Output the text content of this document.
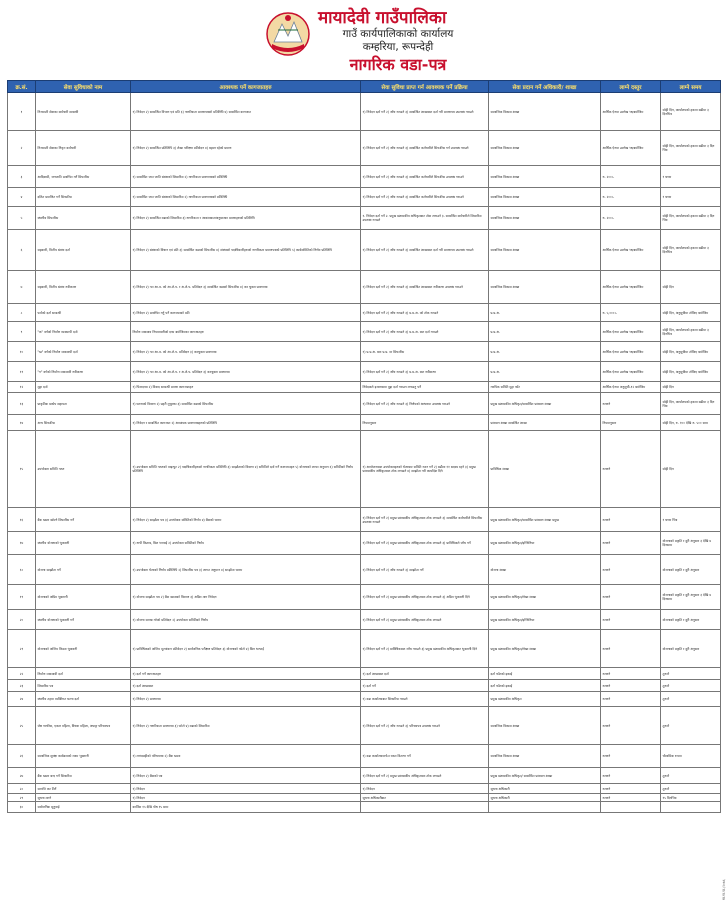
मायादेवी गाउँपालिका
गाउँ कार्यपालिकाको कार्यालय
कम्हरिया, रूपन्देही
नागरिक वडा-पत्र
क्र.सं.	सेवा सुविधाको नाम	आवश्यक पर्ने कागजातहरु	सेवा सुविधा प्राप्त गर्न आवश्यक पर्ने प्रक्रिया	सेवा प्रदान गर्ने अधिकारी/ शाखा	लाग्ने दस्तुर	लाग्ने समय
१	निजामती सेवाका कर्मचारी सम्बन्धी	१) निवेदन २) सम्बन्धित विभाग एवं प्रति ३) नागरिकता प्रमाणपत्रको प्रतिलिपि ४) सम्बन्धित कागजात	१) निवेदन दर्ता गर्ने २) जाँच गराउने ३) सम्बन्धित शाखाबाट दर्ता गरी प्रमाणपत्र उपलब्ध गराउने	सामाजिक विकास शाखा	आर्थिक ऐनमा उल्लेख भएबमोजिम	सोही दिन, कार्यालयको हकमा बढीमा ३ दिनभित्र
२	निजामती सेवाका निवृत्त कर्मचारी	१) निवेदन २) सम्बन्धित प्रतिलिपि ३) लेखा परीक्षण प्रतिवेदन ४) बहाल रहेको प्रमाण	१) निवेदन दर्ता गर्ने २) जाँच गराउने ३) सम्बन्धित कर्मचारीले सिफारिस गर्न उपलब्ध गराउने	सामाजिक विकास शाखा	आर्थिक ऐनमा उल्लेख भएबमोजिम	सोही दिन, कार्यालयको हकमा बढीमा ३ दिन भित्र
३	आदिवासी, जनजाति प्रमाणित गर्ने सिफारिस	१) सम्बन्धित जात जाति संस्थाको सिफारिस २) नागरिकता प्रमाणपत्रको प्रतिलिपि	१) निवेदन दर्ता गर्ने २) जाँच गराउने ३) सम्बन्धित कर्मचारीले सिफारिस उपलब्ध गराउने	सामाजिक विकास शाखा	रु. २००।-	१ घण्टा
४	दलित प्रमाणित गर्ने सिफारिस	१) सम्बन्धित जात जाति संस्थाको सिफारिस २) नागरिकता प्रमाणपत्रको प्रतिलिपि	१) निवेदन दर्ता गर्ने २) जाँच गराउने ३) सम्बन्धित कर्मचारीले सिफारिस उपलब्ध गराउने	सामाजिक विकास शाखा	रु. २००।-	१ घण्टा
५	स्थानीय सिफारिस	१) निवेदन २) सम्बन्धित वडाको सिफारिस ३) नागरिकता र आवश्यकताअनुसारका प्रमाणहरुको प्रतिलिपि	१. निवेदन दर्ता गर्ने २. प्रमुख प्रशासकीय अधिकृतबाट तोक लगाउने ३. सम्बन्धित कर्मचारीले सिफारिस उपलब्ध गराउने	सामाजिक विकास शाखा	रु. २००।-	सोही दिन, कार्यालयको हकमा बढीमा ३ दिन भित्र
६	सहकारी, वित्तीय संस्था दर्ता	१) निवेदन २) संस्थाको विधान एवं प्रति ३) सम्बन्धित वडाको सिफारिस ४) संस्थाको पदाधिकारीहरुको नागरिकता प्रमाणपत्रको प्रतिलिपि ५) कार्यसमितिको निर्णय प्रतिलिपि	१) निवेदन दर्ता गर्ने २) जाँच गराउने ३) सम्बन्धित शाखाबाट दर्ता गरी प्रमाणपत्र उपलब्ध गराउने	सामाजिक विकास शाखा	आर्थिक ऐनमा उल्लेख भएबमोजिम	सोही दिन, कार्यालयको हकमा बढीमा ३ दिनभित्र
७	सहकारी, वित्तीय संस्था नवीकरण	१) निवेदन २) गत आ.व. को आ.ले.प. र अ.ले.प. प्रतिवेदन ३) सम्बन्धित वडाको सिफारिस ४) कर चुक्ता प्रमाणपत्र	१) निवेदन दर्ता गर्ने २) जाँच गराउने ३) सम्बन्धित शाखाबाट नवीकरण उपलब्ध गराउने	सामाजिक विकास शाखा	आर्थिक ऐनमा उल्लेख भएबमोजिम	सोही दिन
८	फर्मको दर्ता सम्बन्धी	१) निवेदन २) प्रमाणित गर्नु पर्ने कागजातको प्रति	१) निवेदन दर्ता गर्ने २) जाँच गराउने ३) प्र.प्र.अ. को तोक गराउने	प्र.प्र.अ.	रु. ५,०००।-	सोही दिन, अनुसूचीमा तोकिए बमोजिम
९	"क" वर्गको निर्माण व्यवसायी दर्ता	निर्माण व्यवसाय नियमावलीको दफा बमोजिमका कागजातहरु	१) निवेदन दर्ता गर्ने २) जाँच गराउने ३) प्र.प्र.अ. बाट दर्ता गराउने	प्र.प्र.अ.	आर्थिक ऐनमा उल्लेख भएबमोजिम	सोही दिन, कार्यालयको हकमा बढीमा ३ दिनभित्र
१०	"ख" वर्गको निर्माण व्यवसायी दर्ता	१) निवेदन २) गत आ.व. को आ.ले.प. प्रतिवेदन ३) करचुक्ता प्रमाणपत्र	१) प्र.प्र.अ. बाट प्र.प्र. मा सिफारिस	प्र.प्र.अ.	आर्थिक ऐनमा उल्लेख भएबमोजिम	सोही दिन, अनुसूचीमा तोकिए बमोजिम
११	"ग" वर्गको निर्माण व्यवसायी नवीकरण	१) निवेदन २) गत आ.व. को आ.ले.प. र अ.ले.प. प्रतिवेदन ३) करचुक्ता प्रमाणपत्र	१) निवेदन दर्ता गर्ने २) जाँच गराउने ३) प्र.प्र.अ. बाट नवीकरण	प्र.प्र.अ.	आर्थिक ऐनमा उल्लेख भएबमोजिम	सोही दिन, अनुसूचीमा तोकिए बमोजिम
१२	मुद्दा दर्ता	१) फिरादपत्र २) विवाद सम्बन्धी प्रमाण कागजातहरु	निवेदकले इजलासमा मुद्दा दर्ता गराउन लगाउनु पर्ने	न्यायिक समिति मुद्दा फाँट	आर्थिक ऐनमा अनुसूची-१२ बमोजिम	सोही दिन
१३	प्राकृतिक प्रकोप सहायता	१) घटनाको विवरण २) प्रहरी मुचुल्का ३) सम्बन्धित वडाको सिफारिस	१) निवेदन दर्ता गर्ने २) जाँच गराउने ३) निर्णयको आधारमा उपलब्ध गराउने	प्रमुख प्रशासकीय अधिकृत/सम्बन्धित प्रशासन शाखा	नलाग्ने	सोही दिन, कार्यालयको हकमा बढीमा ३ दिन भित्र
१४	अन्य सिफारिस	१) निवेदन र सम्बन्धित कागजात २) आवश्यक प्रमाणपत्रहरुको प्रतिलिपि	नियमानुसार	प्रशासन शाखा सम्बन्धित शाखा	नियमानुसार	सोही दिन, रु. १०० देखि रु. ५०० सम्म
१५	उपभोक्ता समिति गठन	१) उपभोक्ता समिति गठनको माइन्युट २) पदाधिकारीहरुको नागरिकता प्रतिलिपि ३) सम्झौताको विवरण ४) समितिले दर्ता गर्ने कागजातहरु ५) योजनाको लागत अनुमान ६) समितिको निर्णय प्रतिलिपि	१) आयोजनाबाट उपभोक्ताहरुको भेलाबाट समिति गठन गर्ने २) बढीमा ११ सदस्य रहने ३) प्रमुख प्रशासकीय अधिकृतबाट तोक लगाउने ४) सम्झौता गरी कार्यादेश दिने	प्राविधिक शाखा	नलाग्ने	सोही दिन
१६	बैंक खाता खोल्ने सिफारिस गर्ने	१) निवेदन २) सम्झौता पत्र ३) उपभोक्ता समितिको निर्णय ४) बैंकको फारम	१) निवेदन दर्ता गर्ने २) प्रमुख प्रशासकीय अधिकृतबाट तोक लगाउने ३) सम्बन्धित कर्मचारीले सिफारिस उपलब्ध गराउने	प्रमुख प्रशासकीय अधिकृत/सम्बन्धित प्रशासन शाखा प्रमुख	नलाग्ने	१ घण्टा भित्र
१७	स्थानीय योजनाको भुक्तानी	१) नापी किताब, बिल भरपाई २) उपभोक्ता समितिको निर्णय	१) निवेदन दर्ता गर्ने २) प्रमुख प्रशासकीय अधिकृतबाट तोक लगाउने ३) प्राविधिकले जाँच गर्ने	प्रमुख प्रशासकीय अधिकृत/इन्जिनियर	नलाग्ने	योजनाको प्रकृति र दुरी अनुसार ३ देखि ७ दिनसम्म
१८	योजना सम्झौता गर्ने	१) उपभोक्ता भेलाको निर्णय प्रतिलिपि २) सिफारिस पत्र ३) लागत अनुमान ४) सम्झौता फारम	१) निवेदन दर्ता गर्ने २) जाँच गराउने ३) सम्झौता गर्ने	योजना शाखा	नलाग्ने	योजनाको प्रकृति र दुरी अनुसार
१९	योजनाको अग्रिम भुक्तानी	१) योजना सम्झौता पत्र २) बैंक खाताको विवरण ३) अग्रिम माग निवेदन	१) निवेदन दर्ता गर्ने २) प्रमुख प्रशासकीय अधिकृतबाट तोक लगाउने ३) अग्रिम भुक्तानी दिने	प्रमुख प्रशासकीय अधिकृत/लेखा शाखा	नलाग्ने	योजनाको प्रकृति र दुरी अनुसार ३ देखि ७ दिनसम्म
२०	स्थानीय योजनाको भुक्तानी गर्ने	१) योजना सम्पन्न गरेको प्रतिवेदन २) उपभोक्ता समितिको निर्णय	१) निवेदन दर्ता गर्ने २) प्रमुख प्रशासकीय अधिकृतबाट तोक लगाउने	प्रमुख प्रशासकीय अधिकृत/इन्जिनियर	नलाग्ने	योजनाको प्रकृति र दुरी अनुसार
२१	योजनाको अन्तिम किस्ता भुक्तानी	१) प्राविधिकको अन्तिम मूल्यांकन प्रतिवेदन २) सार्वजनिक परीक्षण प्रतिवेदन ३) योजनाको फोटो ४) बिल भरपाई	१) निवेदन दर्ता गर्ने २) प्राविधिकबाट जाँच गराउने ३) प्रमुख प्रशासकीय अधिकृतबाट भुक्तानी दिने	प्रमुख प्रशासकीय अधिकृत/लेखा शाखा	नलाग्ने	योजनाको प्रकृति र दुरी अनुसार
२२	निर्माण व्यवसायी दर्ता	१) दर्ता गर्ने कागजातहरु	१) दर्ता शाखाबाट दर्ता	दर्ता फाँटको इकाई	नलाग्ने	तुरुन्तै
२३	सिफारिस पत्र	१) दर्ता शाखाबाट	१) दर्ता गर्ने	दर्ता फाँटको इकाई	नलाग्ने	तुरुन्तै
२४	स्थानीय तहमा व्यक्तिगत घटना दर्ता	१) निवेदन २) प्रमाणपत्र	१) वडा कार्यालयबाट सिफारिस गराउने	प्रमुख प्रशासकीय अधिकृत	नलाग्ने	तुरुन्तै
२५	जेष्ठ नागरिक, एकल महिला, विधवा महिला, अपाङ्ग परिचयपत्र	१) निवेदन २) नागरिकता प्रमाणपत्र ३) फोटो ४) वडाको सिफारिस	१) निवेदन दर्ता गर्ने २) जाँच गराउने ३) परिचयपत्र उपलब्ध गराउने	सामाजिक विकास शाखा	नलाग्ने	तुरुन्तै
२६	सामाजिक सुरक्षा कार्यक्रमको रकम भुक्तानी	१) लाभग्राहीको परिचयपत्र २) बैंक खाता	१) वडा कार्यालयमार्फत रकम वितरण गर्ने	सामाजिक विकास शाखा	नलाग्ने	चौमासिक रुपमा
२७	बैंक खाता बन्द गर्ने सिफारिस	१) निवेदन २) बैंकको पत्र	१) निवेदन दर्ता गर्ने २) प्रमुख प्रशासकीय अधिकृतबाट तोक लगाउने	प्रमुख प्रशासकीय अधिकृत/ सम्बन्धित प्रशासन शाखा	नलाग्ने	तुरुन्तै
२८	सम्पत्ति कर तिर्ने	१) निवेदन	१) निवेदन	सूचना अधिकारी	नलाग्ने	तुरुन्तै
२९	सूचना माग्ने	१) निवेदन	सूचना अधिकारीबाट	सूचना अधिकारी	नलाग्ने	१५ दिनभित्र
३०	सार्वजनिक सुनुवाई	कार्तिक १५ देखि पौष १५ सम्म				
मा.गा.पा./२०७६
